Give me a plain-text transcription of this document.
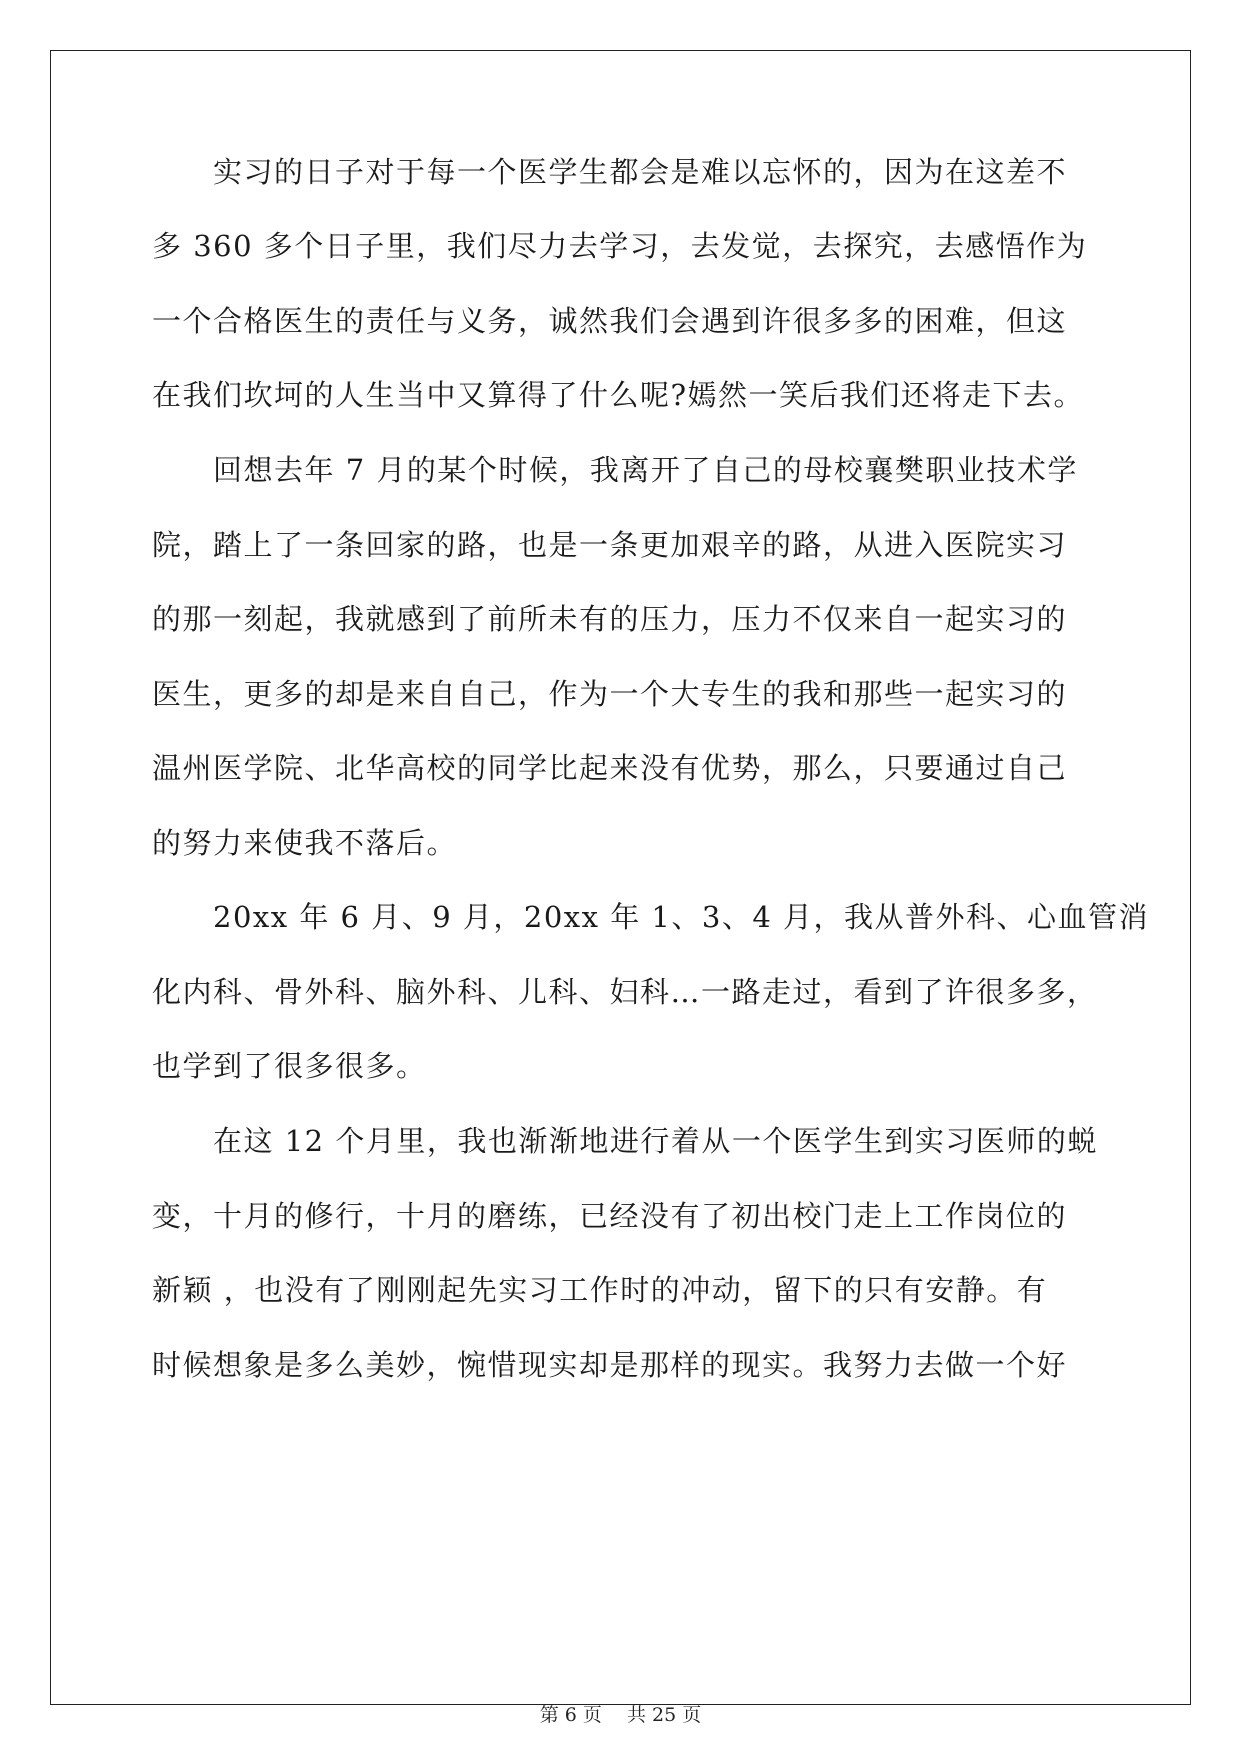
　　实习的日子对于每一个医学生都会是难以忘怀的，因为在这差不
多 360 多个日子里，我们尽力去学习，去发觉，去探究，去感悟作为
一个合格医生的责任与义务，诚然我们会遇到许很多多的困难，但这
在我们坎坷的人生当中又算得了什么呢?嫣然一笑后我们还将走下去。
　　回想去年 7 月的某个时候，我离开了自己的母校襄樊职业技术学
院，踏上了一条回家的路，也是一条更加艰辛的路，从进入医院实习
的那一刻起，我就感到了前所未有的压力，压力不仅来自一起实习的
医生，更多的却是来自自己，作为一个大专生的我和那些一起实习的
温州医学院、北华高校的同学比起来没有优势，那么，只要通过自己
的努力来使我不落后。
　　20xx 年 6 月、9 月，20xx 年 1、3、4 月，我从普外科、心血管消
化内科、骨外科、脑外科、儿科、妇科…一路走过，看到了许很多多，
也学到了很多很多。
　　在这 12 个月里，我也渐渐地进行着从一个医学生到实习医师的蜕
变，十月的修行，十月的磨练，已经没有了初出校门走上工作岗位的
新颖 ，也没有了刚刚起先实习工作时的冲动，留下的只有安静。有
时候想象是多么美妙，惋惜现实却是那样的现实。我努力去做一个好
第 6 页　 共 25 页
